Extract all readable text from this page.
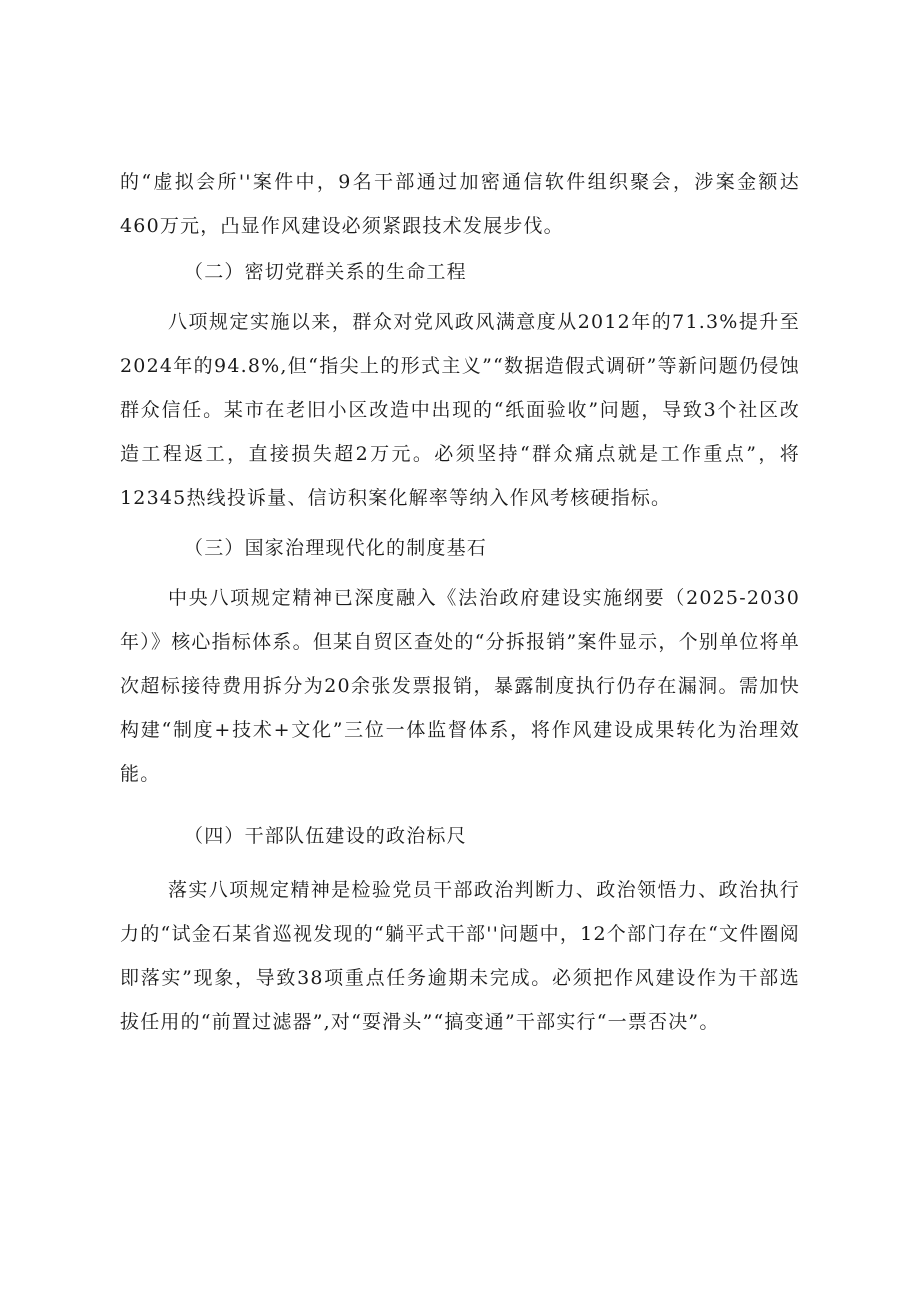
的“虚拟会所''案件中，9名干部通过加密通信软件组织聚会，涉案金额达460万元，凸显作风建设必须紧跟技术发展步伐。

（二）密切党群关系的生命工程

八项规定实施以来，群众对党风政风满意度从2012年的71.3%提升至2024年的94.8%,但“指尖上的形式主义”“数据造假式调研”等新问题仍侵蚀群众信任。某市在老旧小区改造中出现的“纸面验收”问题，导致3个社区改造工程返工，直接损失超2万元。必须坚持“群众痛点就是工作重点”，将12345热线投诉量、信访积案化解率等纳入作风考核硬指标。

（三）国家治理现代化的制度基石

中央八项规定精神已深度融入《法治政府建设实施纲要（2025-2030年）》核心指标体系。但某自贸区查处的“分拆报销”案件显示，个别单位将单次超标接待费用拆分为20余张发票报销，暴露制度执行仍存在漏洞。需加快构建“制度+技术+文化”三位一体监督体系，将作风建设成果转化为治理效能。

（四）干部队伍建设的政治标尺

落实八项规定精神是检验党员干部政治判断力、政治领悟力、政治执行力的“试金石某省巡视发现的“躺平式干部''问题中，12个部门存在“文件圈阅即落实”现象，导致38项重点任务逾期未完成。必须把作风建设作为干部选拔任用的“前置过滤器”,对“耍滑头”“搞变通”干部实行“一票否决”。
